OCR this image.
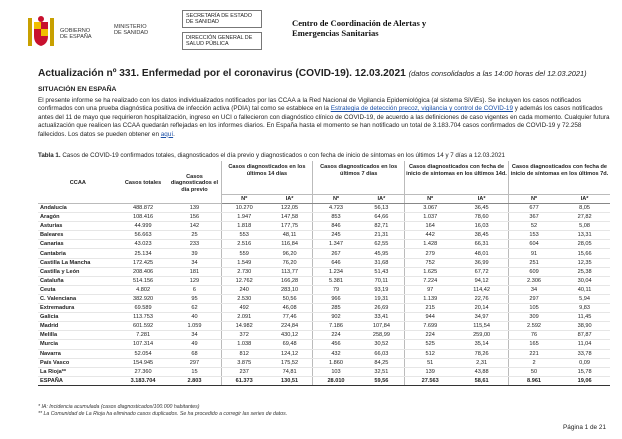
GOBIERNO
DE ESPAÑA
MINISTERIO
DE SANIDAD
SECRETARÍA DE ESTADO
DE SANIDAD
DIRECCIÓN GENERAL DE
SALUD PÚBLICA
Centro de Coordinación de Alertas y
Emergencias Sanitarias
Actualización nº 331. Enfermedad por el coronavirus (COVID-19). 12.03.2021 (datos consolidados a las 14:00 horas del 12.03.2021)
SITUACIÓN EN ESPAÑA

El presente informe se ha realizado con los datos individualizados notificados por las CCAA a la Red Nacional de Vigilancia Epidemiológica (al sistema SiViEs). Se incluyen los casos notificados confirmados con una prueba diagnóstica positiva de infección activa (PDIA) tal como se establece en la Estrategia de detección precoz, vigilancia y control de COVID-19 y además los casos notificados antes del 11 de mayo que requirieron hospitalización, ingreso en UCI o fallecieron con diagnóstico clínico de COVID-19, de acuerdo a las definiciones de caso vigentes en cada momento. Cualquier futura actualización que realicen las CCAA quedarán reflejadas en los informes diarios. En España hasta el momento se han notificado un total de 3.183.704 casos confirmados de COVID-19 y 72.258 fallecidos. Los datos se pueden obtener en aquí.

Tabla 1. Casos de COVID-19 confirmados totales, diagnosticados el día previo y diagnosticados o con fecha de inicio de síntomas en los últimos 14 y 7 días a 12.03.2021
CCAA	Casos totales	Casos diagnosticados el día previo	Casos diagnosticados en los últimos 14 días		Casos diagnosticados en los últimos 7 días		Casos diagnosticados con fecha de inicio de síntomas en los últimos 14d.		Casos diagnosticados con fecha de inicio de síntomas en los últimos 7d.	
			Nº	IA*	Nº	IA*	Nº	IA*	Nº	IA*
Andalucía	488.872	139	10.270	122,05	4.723	56,13	3.067	36,45	677	8,05
Aragón	108.416	156	1.947	147,58	853	64,66	1.037	78,60	367	27,82
Asturias	44.999	142	1.818	177,75	846	82,71	164	16,03	52	5,08
Baleares	56.663	25	553	48,11	245	21,31	442	38,45	153	13,31
Canarias	43.023	233	2.516	116,84	1.347	62,55	1.428	66,31	604	28,05
Cantabria	25.134	39	559	96,20	267	45,95	279	48,01	91	15,66
Castilla La Mancha	172.425	34	1.549	76,20	646	31,68	752	36,99	251	12,35
Castilla y León	208.406	181	2.730	113,77	1.234	51,43	1.625	67,72	609	25,38
Cataluña	514.156	129	12.762	166,28	5.381	70,11	7.224	94,12	2.306	30,04
Ceuta	4.802	6	240	283,10	79	93,19	97	114,42	34	40,11
C. Valenciana	382.920	95	2.530	50,56	966	19,31	1.139	22,76	297	5,94
Extremadura	69.589	62	492	46,08	285	26,69	215	20,14	105	9,83
Galicia	113.753	40	2.091	77,46	902	33,41	944	34,97	309	11,45
Madrid	601.592	1.059	14.982	224,84	7.186	107,84	7.699	115,54	2.592	38,90
Melilla	7.281	34	372	430,12	224	258,99	224	259,00	76	87,87
Murcia	107.314	49	1.038	69,48	456	30,52	525	35,14	165	11,04
Navarra	52.054	68	812	124,12	432	66,03	512	78,26	221	33,78
País Vasco	154.945	297	3.875	175,52	1.860	84,25	51	2,31	2	0,09
La Rioja**	27.360	15	237	74,81	103	32,51	139	43,88	50	15,78
ESPAÑA	3.183.704	2.803	61.373	130,51	28.010	59,56	27.563	58,61	8.961	19,06
* IA: Incidencia acumulada (casos diagnosticados/100.000 habitantes)
** La Comunidad de La Rioja ha eliminado casos duplicados. Se ha procedido a corregir las series de datos.
Página 1 de 21
